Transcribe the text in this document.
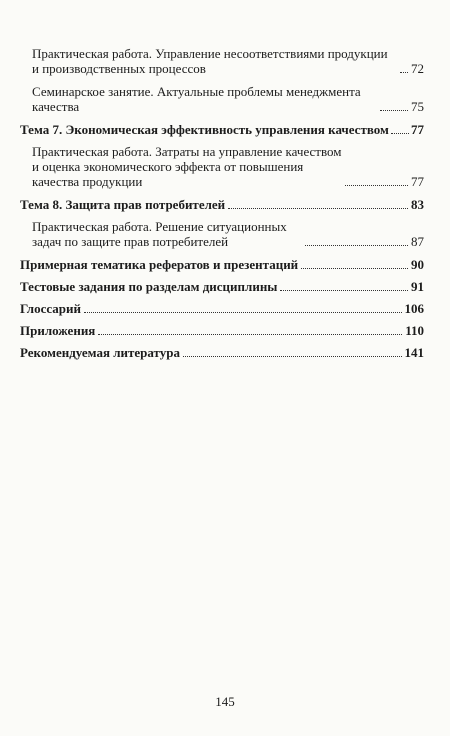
Практическая работа. Управление несоответствиями продукции и производственных процессов	72
Семинарское занятие. Актуальные проблемы менеджмента качества	75
Тема 7. Экономическая эффективность управления качеством 77
Практическая работа. Затраты на управление качеством и оценка экономического эффекта от повышения качества продукции	77
Тема 8. Защита прав потребителей	83
Практическая работа. Решение ситуационных задач по защите прав потребителей	87
Примерная тематика рефератов и презентаций	90
Тестовые задания по разделам дисциплины	91
Глоссарий	106
Приложения	110
Рекомендуемая литература	141
145
